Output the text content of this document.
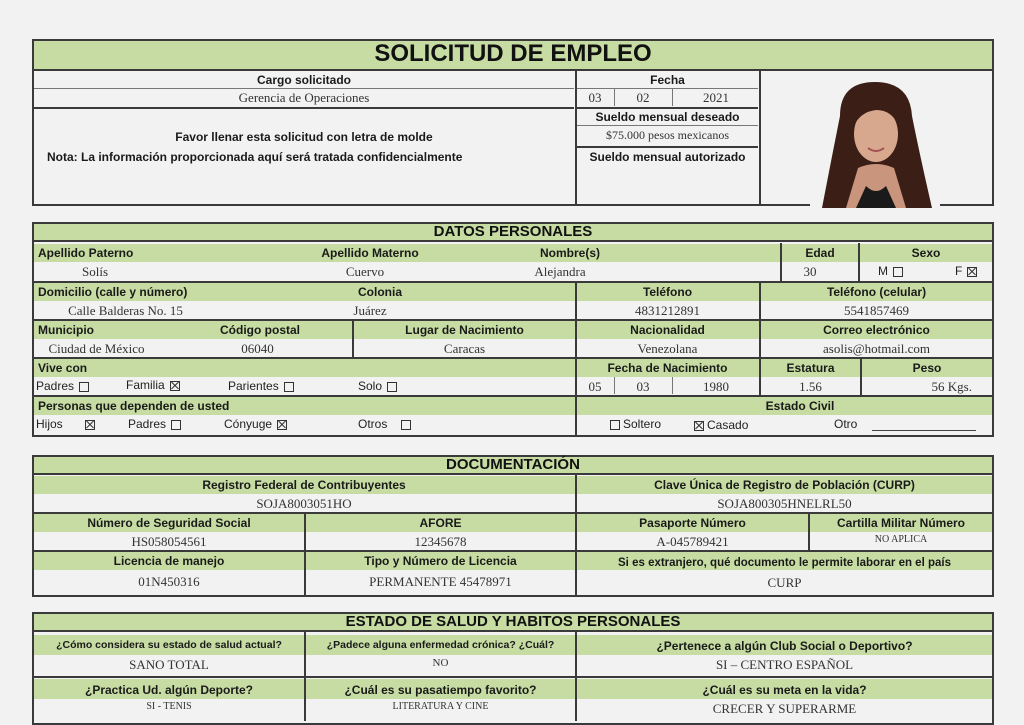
SOLICITUD DE EMPLEO
Cargo solicitado
Gerencia de Operaciones
Fecha
03	02	2021
Sueldo mensual deseado
$75.000 pesos mexicanos
Sueldo mensual autorizado
Favor llenar esta solicitud con letra de molde
Nota: La información proporcionada aquí será tratada confidencialmente
DATOS PERSONALES
Apellido Paterno
Solís
Apellido Materno
Cuervo
Nombre(s)
Alejandra
Edad
30
Sexo
M	F
Domicilio (calle y número)
Calle Balderas No. 15
Colonia
Juárez
Teléfono
4831212891
Teléfono (celular)
5541857469
Municipio
Ciudad de México
Código postal
06040
Lugar de Nacimiento
Caracas
Nacionalidad
Venezolana
Correo electrónico
asolis@hotmail.com
Vive con
Padres	Familia	Parientes	Solo
Fecha de Nacimiento
05	03	1980
Estatura
1.56
Peso
56 Kgs.
Personas que dependen de usted
Hijos	Padres	Cónyuge	Otros
Estado Civil
Soltero	Casado	Otro
DOCUMENTACIÓN
Registro Federal de Contribuyentes
SOJA8003051HO
Clave Única de Registro de Población (CURP)
SOJA800305HNELRL50
Número de Seguridad Social
HS058054561
AFORE
12345678
Pasaporte Número
A-045789421
Cartilla Militar Número
NO APLICA
Licencia de manejo
01N450316
Tipo y Número de Licencia
PERMANENTE 45478971
Si es extranjero, qué documento le permite laborar en el país
CURP
ESTADO DE SALUD Y HABITOS PERSONALES
¿Cómo considera su estado de salud actual?
SANO TOTAL
¿Padece alguna enfermedad crónica? ¿Cuál?
NO
¿Pertenece a algún Club Social o Deportivo?
SI – CENTRO ESPAÑOL
¿Practica Ud. algún Deporte?
SI - TENIS
¿Cuál es su pasatiempo favorito?
LITERATURA Y CINE
¿Cuál es su meta en la vida?
CRECER Y SUPERARME
